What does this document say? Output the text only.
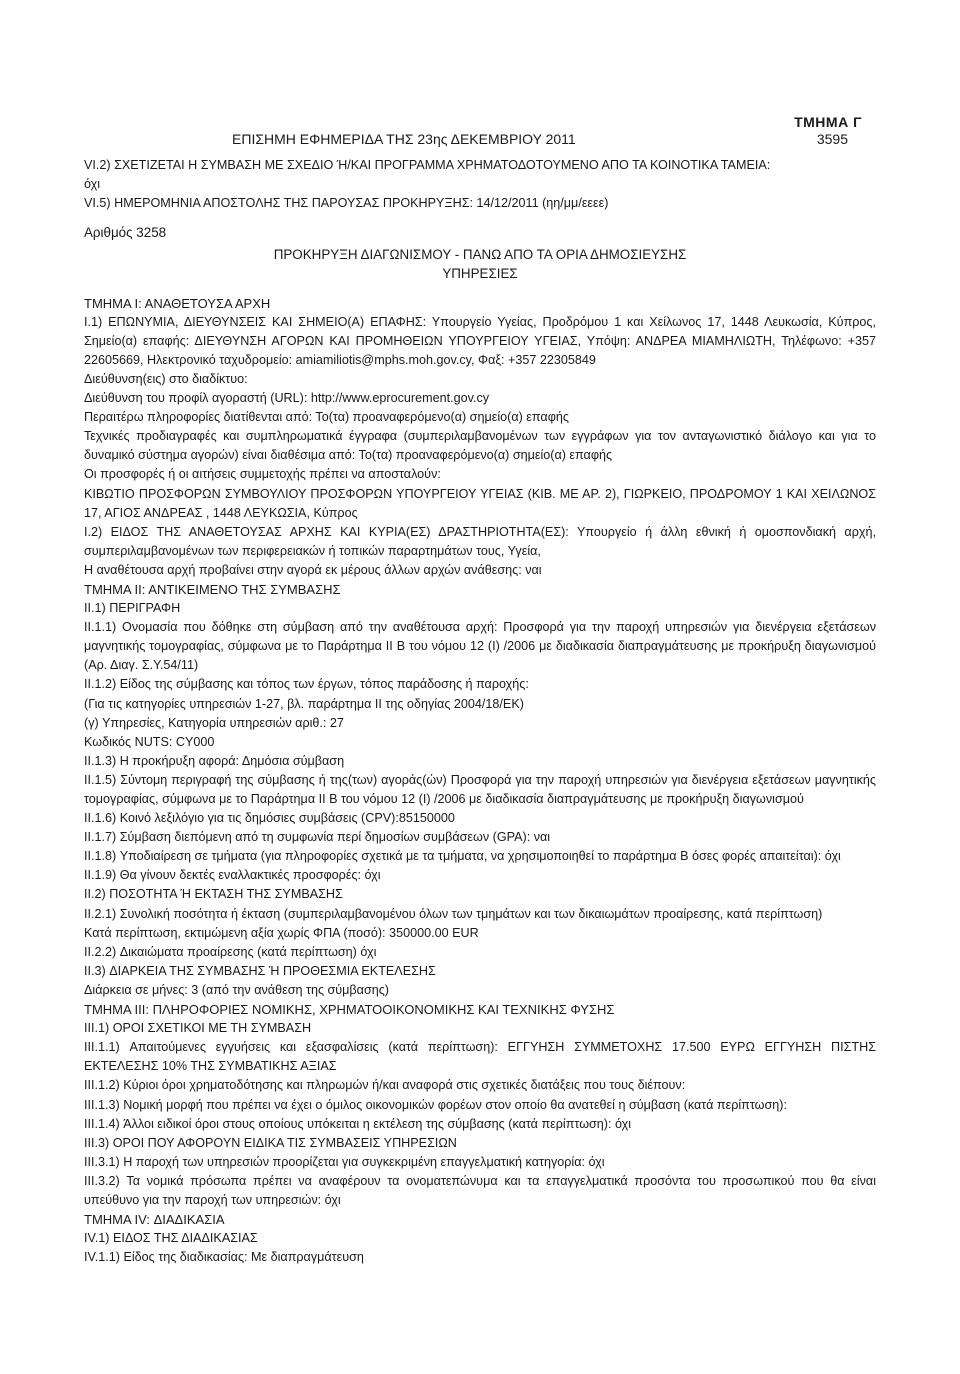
ΤΜΗΜΑ Γ
ΕΠΙΣΗΜΗ ΕΦΗΜΕΡΙΔΑ ΤΗΣ 23ης ΔΕΚΕΜΒΡΙΟΥ 2011	3595

VI.2) ΣΧΕΤΙΖΕΤΑΙ Η ΣΥΜΒΑΣΗ ΜΕ ΣΧΕΔΙΟ Ή/ΚΑΙ ΠΡΟΓΡΑΜΜΑ ΧΡΗΜΑΤΟΔΟΤΟΥΜΕΝΟ ΑΠΟ ΤΑ ΚΟΙΝΟΤΙΚΑ ΤΑΜΕΙΑ:

όχι

VI.5) ΗΜΕΡΟΜΗΝΙΑ ΑΠΟΣΤΟΛΗΣ ΤΗΣ ΠΑΡΟΥΣΑΣ ΠΡΟΚΗΡΥΞΗΣ: 14/12/2011 (ηη/μμ/εεεε)

Αριθμός 3258

ΠΡΟΚΗΡΥΞΗ ΔΙΑΓΩΝΙΣΜΟΥ - ΠΑΝΩ ΑΠΟ ΤΑ ΟΡΙΑ ΔΗΜΟΣΙΕΥΣΗΣ

ΥΠΗΡΕΣΙΕΣ

ΤΜΗΜΑ Ι: ΑΝΑΘΕΤΟΥΣΑ ΑΡΧΗ

I.1) ΕΠΩΝΥΜΙΑ, ΔΙΕΥΘΥΝΣΕΙΣ ΚΑΙ ΣΗΜΕΙΟ(Α) ΕΠΑΦΗΣ: Υπουργείο Υγείας, Προδρόμου 1 και Χείλωνος 17, 1448 Λευκωσία, Κύπρος, Σημείο(α) επαφής: ΔΙΕΥΘΥΝΣΗ ΑΓΟΡΩΝ ΚΑΙ ΠΡΟΜΗΘΕΙΩΝ ΥΠΟΥΡΓΕΙΟΥ ΥΓΕΙΑΣ, Υπόψη: ΑΝΔΡΕΑ ΜΙΑΜΗΛΙΩΤΗ, Τηλέφωνο: +357 22605669, Ηλεκτρονικό ταχυδρομείο: amiamiliotis@mphs.moh.gov.cy, Φαξ: +357 22305849

Διεύθυνση(εις) στο διαδίκτυο:

Διεύθυνση του προφίλ αγοραστή (URL): http://www.eprocurement.gov.cy

Περαιτέρω πληροφορίες διατίθενται από: Το(τα) προαναφερόμενο(α) σημείο(α) επαφής

Τεχνικές προδιαγραφές και συμπληρωματικά έγγραφα (συμπεριλαμβανομένων των εγγράφων για τον ανταγωνιστικό διάλογο και για το δυναμικό σύστημα αγορών) είναι διαθέσιμα από: Το(τα) προαναφερόμενο(α) σημείο(α) επαφής

Οι προσφορές ή οι αιτήσεις συμμετοχής πρέπει να αποσταλούν:

ΚΙΒΩΤΙΟ ΠΡΟΣΦΟΡΩΝ ΣΥΜΒΟΥΛΙΟΥ ΠΡΟΣΦΟΡΩΝ ΥΠΟΥΡΓΕΙΟΥ ΥΓΕΙΑΣ (ΚΙΒ. ΜΕ ΑΡ. 2), ΓΙΩΡΚΕΙΟ, ΠΡΟΔΡΟΜΟΥ 1 ΚΑΙ ΧΕΙΛΩΝΟΣ 17, ΑΓΙΟΣ ΑΝΔΡΕΑΣ , 1448 ΛΕΥΚΩΣΙΑ, Κύπρος

I.2) ΕΙΔΟΣ ΤΗΣ ΑΝΑΘΕΤΟΥΣΑΣ ΑΡΧΗΣ ΚΑΙ ΚΥΡΙΑ(ΕΣ) ΔΡΑΣΤΗΡΙΟΤΗΤΑ(ΕΣ): Υπουργείο ή άλλη εθνική ή ομοσπονδιακή αρχή, συμπεριλαμβανομένων των περιφερειακών ή τοπικών παραρτημάτων τους, Υγεία,

Η αναθέτουσα αρχή προβαίνει στην αγορά εκ μέρους άλλων αρχών ανάθεσης: ναι

ΤΜΗΜΑ ΙΙ: ΑΝΤΙΚΕΙΜΕΝΟ ΤΗΣ ΣΥΜΒΑΣΗΣ

II.1) ΠΕΡΙΓΡΑΦΗ

II.1.1) Ονομασία που δόθηκε στη σύμβαση από την αναθέτουσα αρχή: Προσφορά για την παροχή υπηρεσιών για διενέργεια εξετάσεων μαγνητικής τομογραφίας, σύμφωνα με το Παράρτημα ΙΙ Β του νόμου 12 (Ι) /2006 με διαδικασία διαπραγμάτευσης με προκήρυξη διαγωνισμού (Αρ. Διαγ. Σ.Υ.54/11)

II.1.2) Είδος της σύμβασης και τόπος των έργων, τόπος παράδοσης ή παροχής:

(Για τις κατηγορίες υπηρεσιών 1-27, βλ. παράρτημα ΙΙ της οδηγίας 2004/18/ΕΚ)

(γ) Υπηρεσίες, Κατηγορία υπηρεσιών αριθ.: 27

Κωδικός NUTS: CY000

II.1.3) Η προκήρυξη αφορά: Δημόσια σύμβαση

II.1.5) Σύντομη περιγραφή της σύμβασης ή της(των) αγοράς(ών) Προσφορά για την παροχή υπηρεσιών για διενέργεια εξετάσεων μαγνητικής τομογραφίας, σύμφωνα με το Παράρτημα ΙΙ Β του νόμου 12 (Ι) /2006 με διαδικασία διαπραγμάτευσης με προκήρυξη διαγωνισμού

II.1.6) Κοινό λεξιλόγιο για τις δημόσιες συμβάσεις (CPV):85150000

II.1.7) Σύμβαση διεπόμενη από τη συμφωνία περί δημοσίων συμβάσεων (GPA): ναι

II.1.8) Υποδιαίρεση σε τμήματα (για πληροφορίες σχετικά με τα τμήματα, να χρησιμοποιηθεί το παράρτημα Β όσες φορές απαιτείται): όχι

II.1.9) Θα γίνουν δεκτές εναλλακτικές προσφορές: όχι

II.2) ΠΟΣΟΤΗΤΑ Ή ΕΚΤΑΣΗ ΤΗΣ ΣΥΜΒΑΣΗΣ

II.2.1) Συνολική ποσότητα ή έκταση (συμπεριλαμβανομένου όλων των τμημάτων και των δικαιωμάτων προαίρεσης, κατά περίπτωση)

Κατά περίπτωση, εκτιμώμενη αξία χωρίς ΦΠΑ (ποσό): 350000.00 EUR

II.2.2) Δικαιώματα προαίρεσης (κατά περίπτωση) όχι

II.3) ΔΙΑΡΚΕΙΑ ΤΗΣ ΣΥΜΒΑΣΗΣ Ή ΠΡΟΘΕΣΜΙΑ ΕΚΤΕΛΕΣΗΣ

Διάρκεια σε μήνες: 3 (από την ανάθεση της σύμβασης)

ΤΜΗΜΑ ΙΙΙ: ΠΛΗΡΟΦΟΡΙΕΣ ΝΟΜΙΚΗΣ, ΧΡΗΜΑΤΟΟΙΚΟΝΟΜΙΚΗΣ ΚΑΙ ΤΕΧΝΙΚΗΣ ΦΥΣΗΣ

III.1) ΟΡΟΙ ΣΧΕΤΙΚΟΙ ΜΕ ΤΗ ΣΥΜΒΑΣΗ

III.1.1) Απαιτούμενες εγγυήσεις και εξασφαλίσεις (κατά περίπτωση): ΕΓΓΥΗΣΗ ΣΥΜΜΕΤΟΧΗΣ 17.500 ΕΥΡΩ ΕΓΓΥΗΣΗ ΠΙΣΤΗΣ ΕΚΤΕΛΕΣΗΣ 10% ΤΗΣ ΣΥΜΒΑΤΙΚΗΣ ΑΞΙΑΣ

III.1.2) Κύριοι όροι χρηματοδότησης και πληρωμών ή/και αναφορά στις σχετικές διατάξεις που τους διέπουν:

III.1.3) Νομική μορφή που πρέπει να έχει ο όμιλος οικονομικών φορέων στον οποίο θα ανατεθεί η σύμβαση (κατά περίπτωση):

III.1.4) Άλλοι ειδικοί όροι στους οποίους υπόκειται η εκτέλεση της σύμβασης (κατά περίπτωση): όχι

III.3) ΟΡΟΙ ΠΟΥ ΑΦΟΡΟΥΝ ΕΙΔΙΚΑ ΤΙΣ ΣΥΜΒΑΣΕΙΣ ΥΠΗΡΕΣΙΩΝ

III.3.1) Η παροχή των υπηρεσιών προορίζεται για συγκεκριμένη επαγγελματική κατηγορία: όχι

III.3.2) Τα νομικά πρόσωπα πρέπει να αναφέρουν τα ονοματεπώνυμα και τα επαγγελματικά προσόντα του προσωπικού που θα είναι υπεύθυνο για την παροχή των υπηρεσιών: όχι

ΤΜΗΜΑ IV: ΔΙΑΔΙΚΑΣΙΑ

IV.1) ΕΙΔΟΣ ΤΗΣ ΔΙΑΔΙΚΑΣΙΑΣ

IV.1.1) Είδος της διαδικασίας: Με διαπραγμάτευση
